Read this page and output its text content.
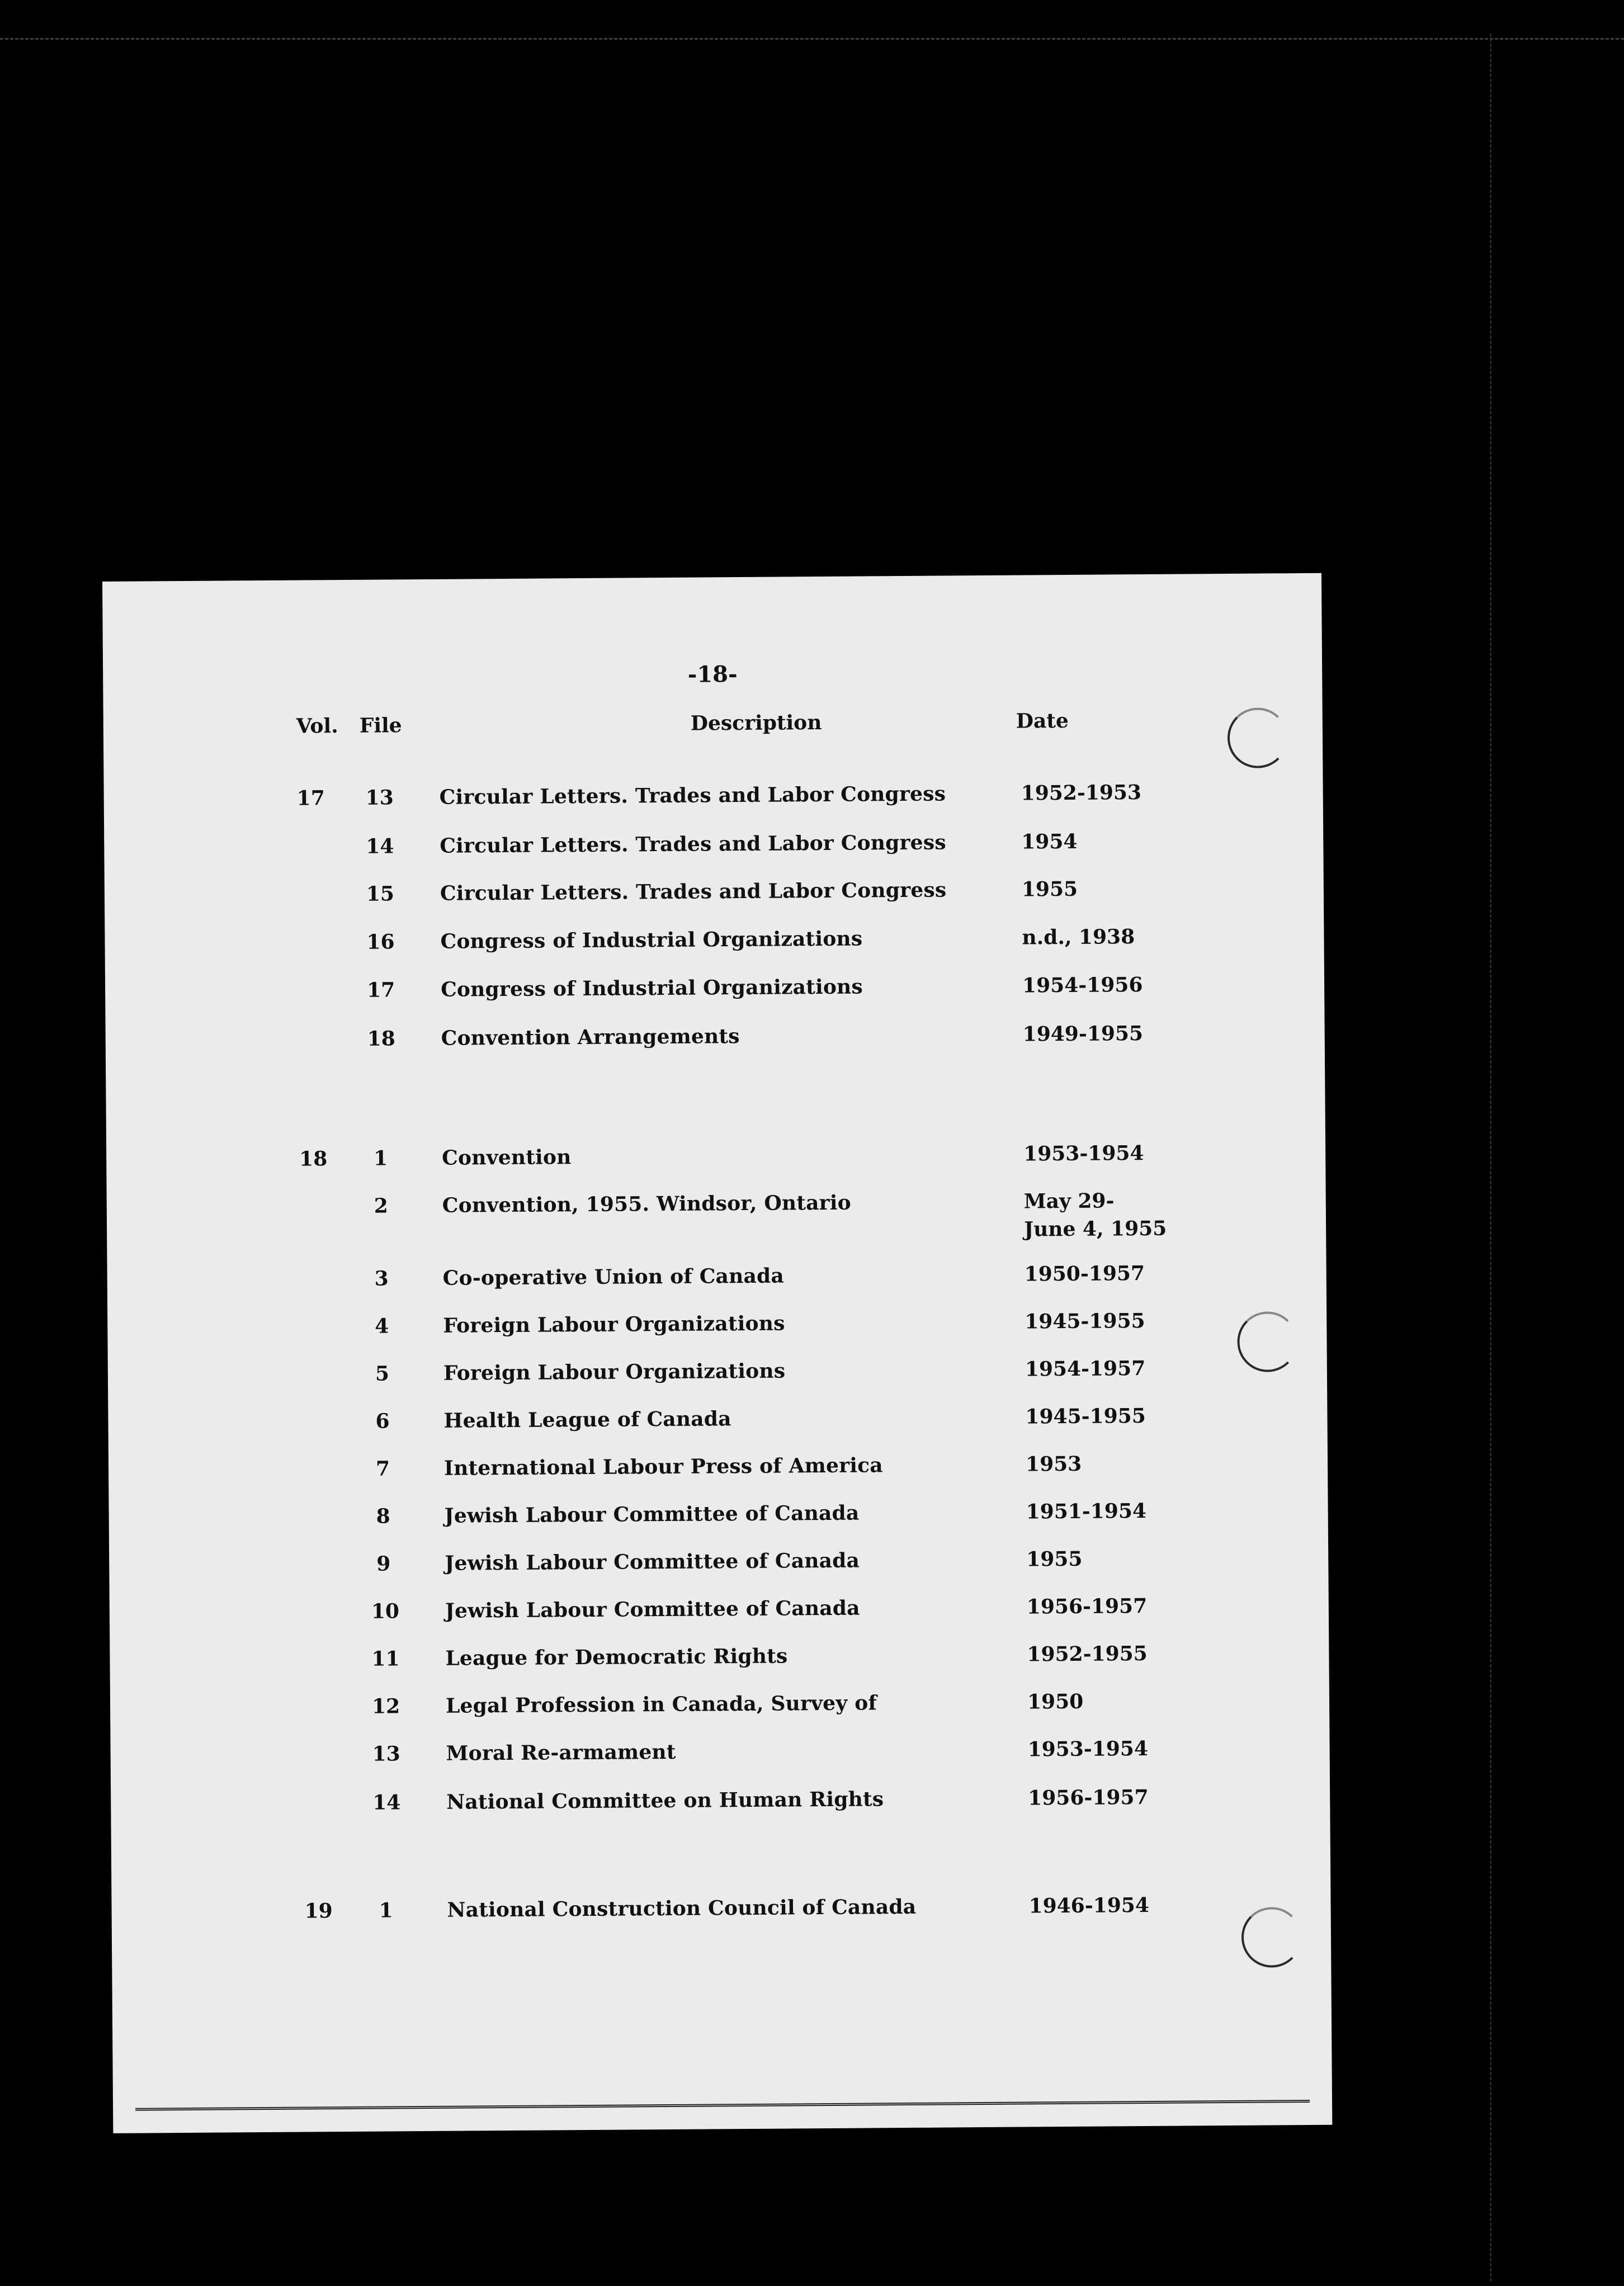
-18-
Vol. File	Description	Date
17 13 Circular Letters. Trades and Labor Congress	1952-1953
14 Circular Letters. Trades and Labor Congress	1954
15 Circular Letters. Trades and Labor Congress	1955
16 Congress of Industrial Organizations	n.d., 1938
17 Congress of Industrial Organizations	1954-1956
18 Convention Arrangements	1949-1955
18 1	Convention	1953-1954
2	Convention, 1955. Windsor, Ontario	May 29-
June 4, 1955
3	Co-operative Union of Canada	1950-1957
4	Foreign Labour Organizations	1945-1955
5	Foreign Labour Organizations	1954-1957
6	Health League of Canada	1945-1955
7	International Labour Press of America	1953
8	Jewish Labour Committee of Canada	1951-1954
9	Jewish Labour Committee of Canada	1955
10 Jewish Labour Committee of Canada	1956-1957
11 League for Democratic Rights	1952-1955
12 Legal Profession in Canada, Survey of	1950
13 Moral Re-armament	1953-1954
14 National Committee on Human Rights	1956-1957
19 1	National Construction Council of Canada	1946-1954
